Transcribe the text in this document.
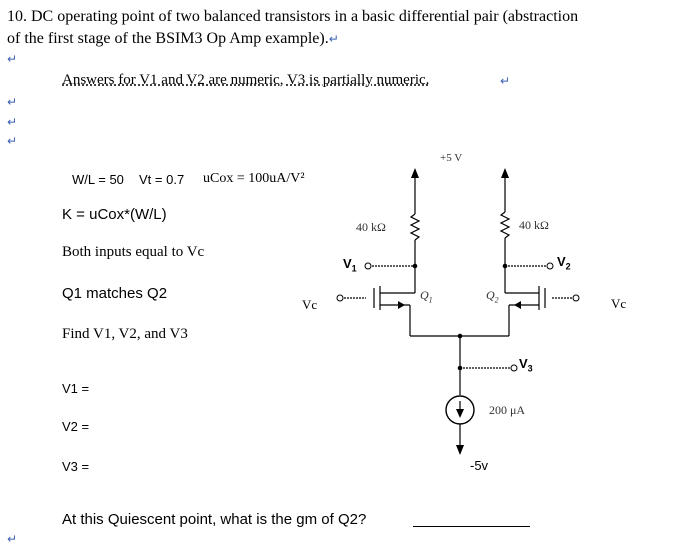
10. DC operating point of two balanced transistors in a basic differential pair (abstraction
of the first stage of the BSIM3 Op Amp example).↵
↵
Answers for V1 and V2 are numeric, V3 is partially numeric.	↵
↵
↵
↵
W/L = 50 Vt = 0.7 uCox = 100uA/V²
K = uCox*(W/L)
Both inputs equal to Vc
Q1 matches Q2
Find V1, V2, and V3
V1 =
V2 =
V3 =
At this Quiescent point, what is the gm of Q2?
↵
+5 V
40 kΩ	40 kΩ
$V_1$	$V_2$
$V_3$
$Q_1$	$Q_2$
Vc	Vc
200 μA
-5v
